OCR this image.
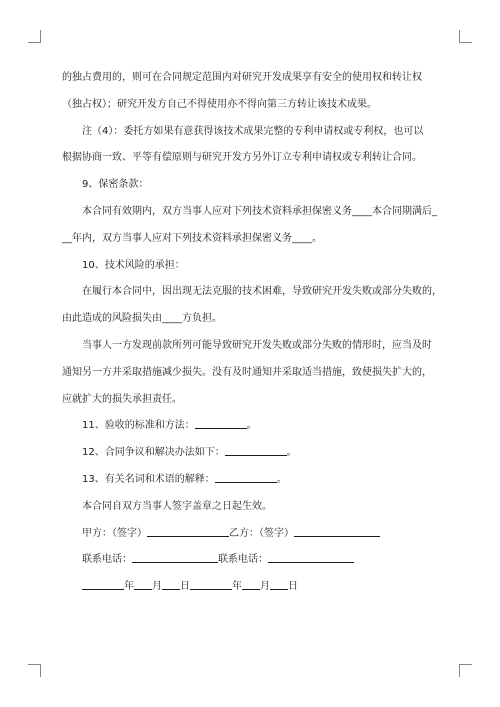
的独占费用的，则可在合同规定范围内对研究开发成果享有安全的使用权和转让权
（独占权）；研究开发方自己不得使用亦不得向第三方转让该技术成果。
注（4）：委托方如果有意获得该技术成果完整的专利申请权或专利权，也可以
根据协商一致、平等有偿原则与研究开发方另外订立专利申请权或专利转让合同。
9、保密条款：
本合同有效期内，双方当事人应对下列技术资料承担保密义务____本合同期满后_
__年内，双方当事人应对下列技术资料承担保密义务____。
10、技术风险的承担：
在履行本合同中，因出现无法克服的技术困难，导致研究开发失败或部分失败的，
由此造成的风险损失由____方负担。
当事人一方发现前款所列可能导致研究开发失败或部分失败的情形时，应当及时
通知另一方并采取措施减少损失。没有及时通知并采取适当措施，致使损失扩大的，
应就扩大的损失承担责任。
11、验收的标准和方法：	。
12、合同争议和解决办法如下：	。
13、有关名词和术语的解释：	。
本合同自双方当事人签字盖章之日起生效。
甲方：（签字）	乙方：（签字）
联系电话：	联系电话：
年 月 日	年 月 日
